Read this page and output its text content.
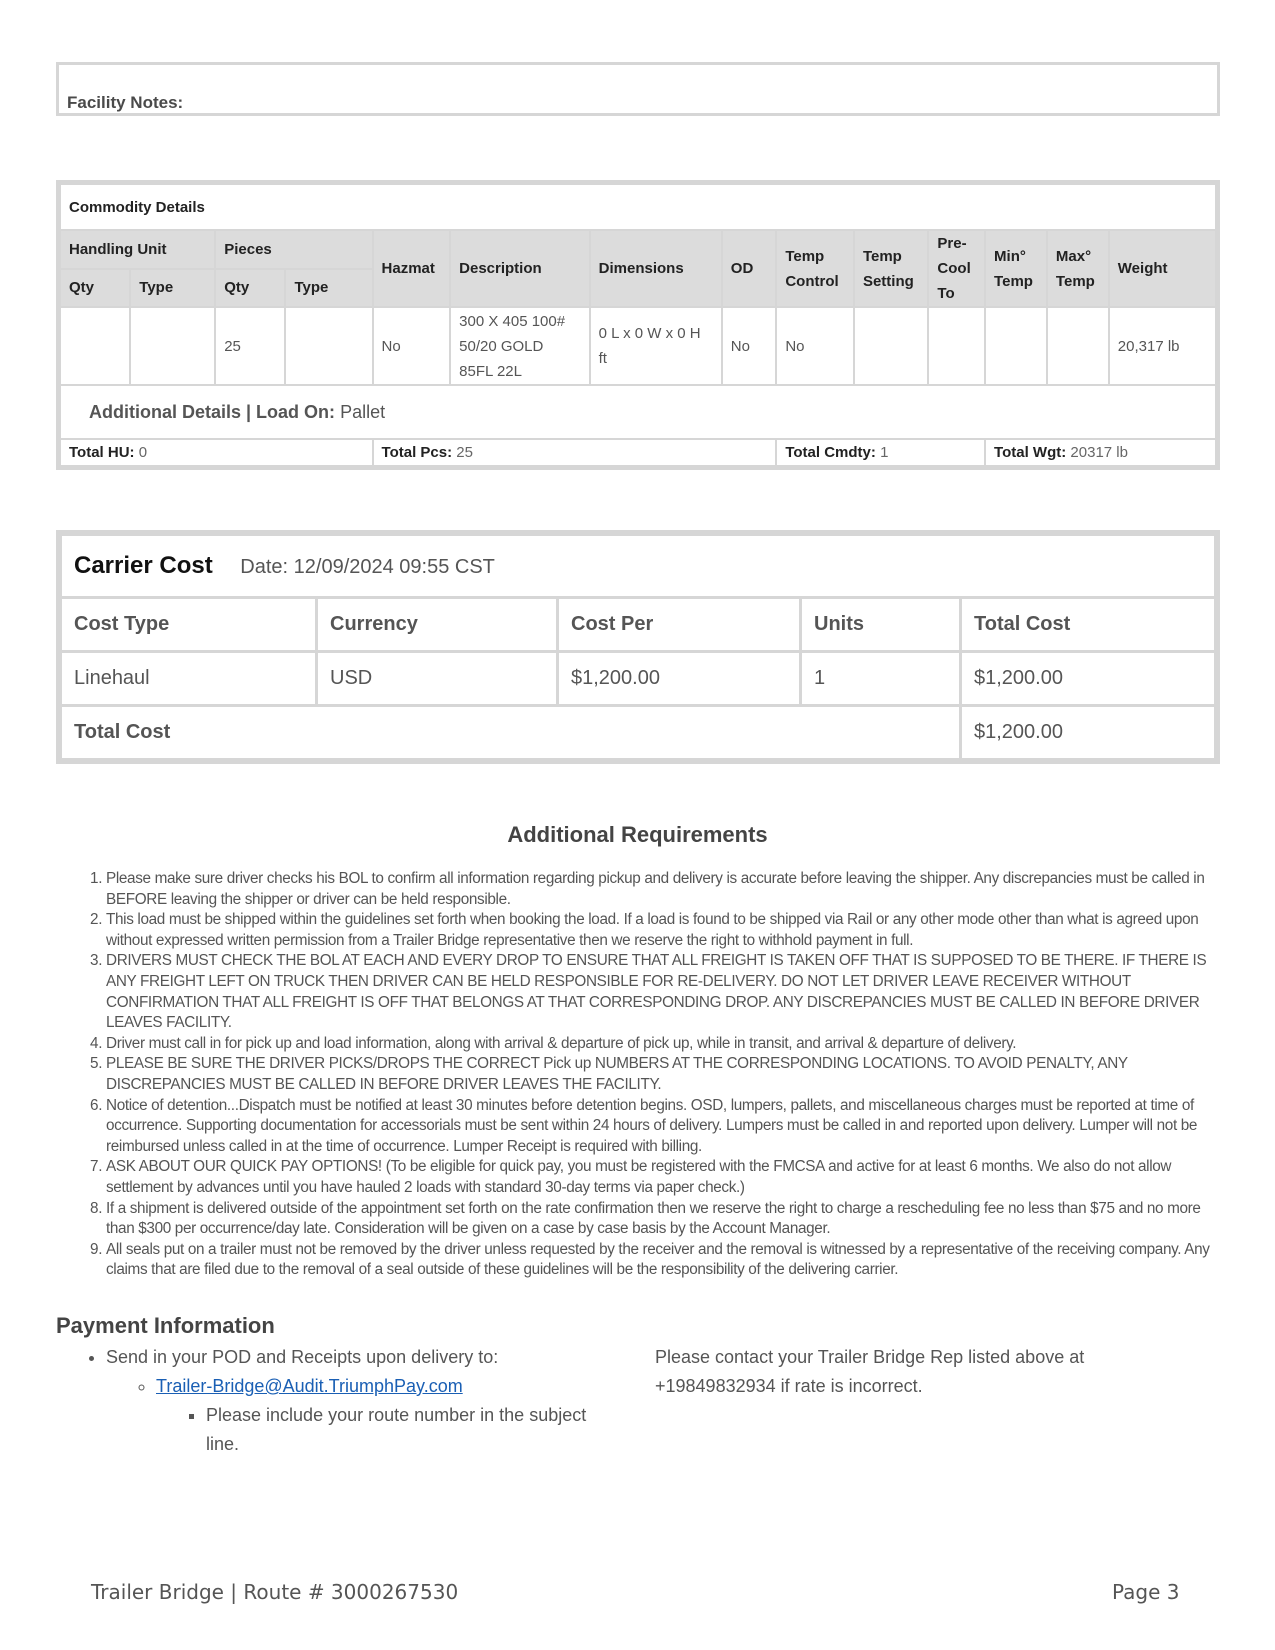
Facility Notes:
Commodity Details													
Handling Unit		Pieces		Hazmat	Description	Dimensions	OD	Temp Control	Temp Setting	Pre-Cool To	Min° Temp	Max° Temp	Weight
Qty	Type	Qty	Type										
		25		No	300 X 405 100# 50/20 GOLD 85FL 22L	0 L x 0 W x 0 H ft	No	No					20,317 lb
Additional Details | Load On: Pallet													
Total HU: 0				Total Pcs: 25				Total Cmdty: 1			Total Wgt: 20317 lb		
Carrier Cost Date: 12/09/2024 09:55 CST				
Cost Type	Currency	Cost Per	Units	Total Cost
Linehaul	USD	$1,200.00	1	$1,200.00
Total Cost				$1,200.00
Additional Requirements
1. Please make sure driver checks his BOL to confirm all information regarding pickup and delivery is accurate before leaving the shipper. Any discrepancies must be called in BEFORE leaving the shipper or driver can be held responsible.
2. This load must be shipped within the guidelines set forth when booking the load. If a load is found to be shipped via Rail or any other mode other than what is agreed upon without expressed written permission from a Trailer Bridge representative then we reserve the right to withhold payment in full.
3. DRIVERS MUST CHECK THE BOL AT EACH AND EVERY DROP TO ENSURE THAT ALL FREIGHT IS TAKEN OFF THAT IS SUPPOSED TO BE THERE. IF THERE IS ANY FREIGHT LEFT ON TRUCK THEN DRIVER CAN BE HELD RESPONSIBLE FOR RE-DELIVERY. DO NOT LET DRIVER LEAVE RECEIVER WITHOUT CONFIRMATION THAT ALL FREIGHT IS OFF THAT BELONGS AT THAT CORRESPONDING DROP. ANY DISCREPANCIES MUST BE CALLED IN BEFORE DRIVER LEAVES FACILITY.
4. Driver must call in for pick up and load information, along with arrival & departure of pick up, while in transit, and arrival & departure of delivery.
5. PLEASE BE SURE THE DRIVER PICKS/DROPS THE CORRECT Pick up NUMBERS AT THE CORRESPONDING LOCATIONS. TO AVOID PENALTY, ANY DISCREPANCIES MUST BE CALLED IN BEFORE DRIVER LEAVES THE FACILITY.
6. Notice of detention...Dispatch must be notified at least 30 minutes before detention begins. OSD, lumpers, pallets, and miscellaneous charges must be reported at time of occurrence. Supporting documentation for accessorials must be sent within 24 hours of delivery. Lumpers must be called in and reported upon delivery. Lumper will not be reimbursed unless called in at the time of occurrence. Lumper Receipt is required with billing.
7. ASK ABOUT OUR QUICK PAY OPTIONS! (To be eligible for quick pay, you must be registered with the FMCSA and active for at least 6 months. We also do not allow settlement by advances until you have hauled 2 loads with standard 30-day terms via paper check.)
8. If a shipment is delivered outside of the appointment set forth on the rate confirmation then we reserve the right to charge a rescheduling fee no less than $75 and no more than $300 per occurrence/day late. Consideration will be given on a case by case basis by the Account Manager.
9. All seals put on a trailer must not be removed by the driver unless requested by the receiver and the removal is witnessed by a representative of the receiving company. Any claims that are filed due to the removal of a seal outside of these guidelines will be the responsibility of the delivering carrier.
Payment Information
• Send in your POD and Receipts upon delivery to:
◦ Trailer-Bridge@Audit.TriumphPay.com
▪ Please include your route number in the subject line.
Please contact your Trailer Bridge Rep listed above at +19849832934 if rate is incorrect.
Trailer Bridge | Route # 3000267530	Page 3
